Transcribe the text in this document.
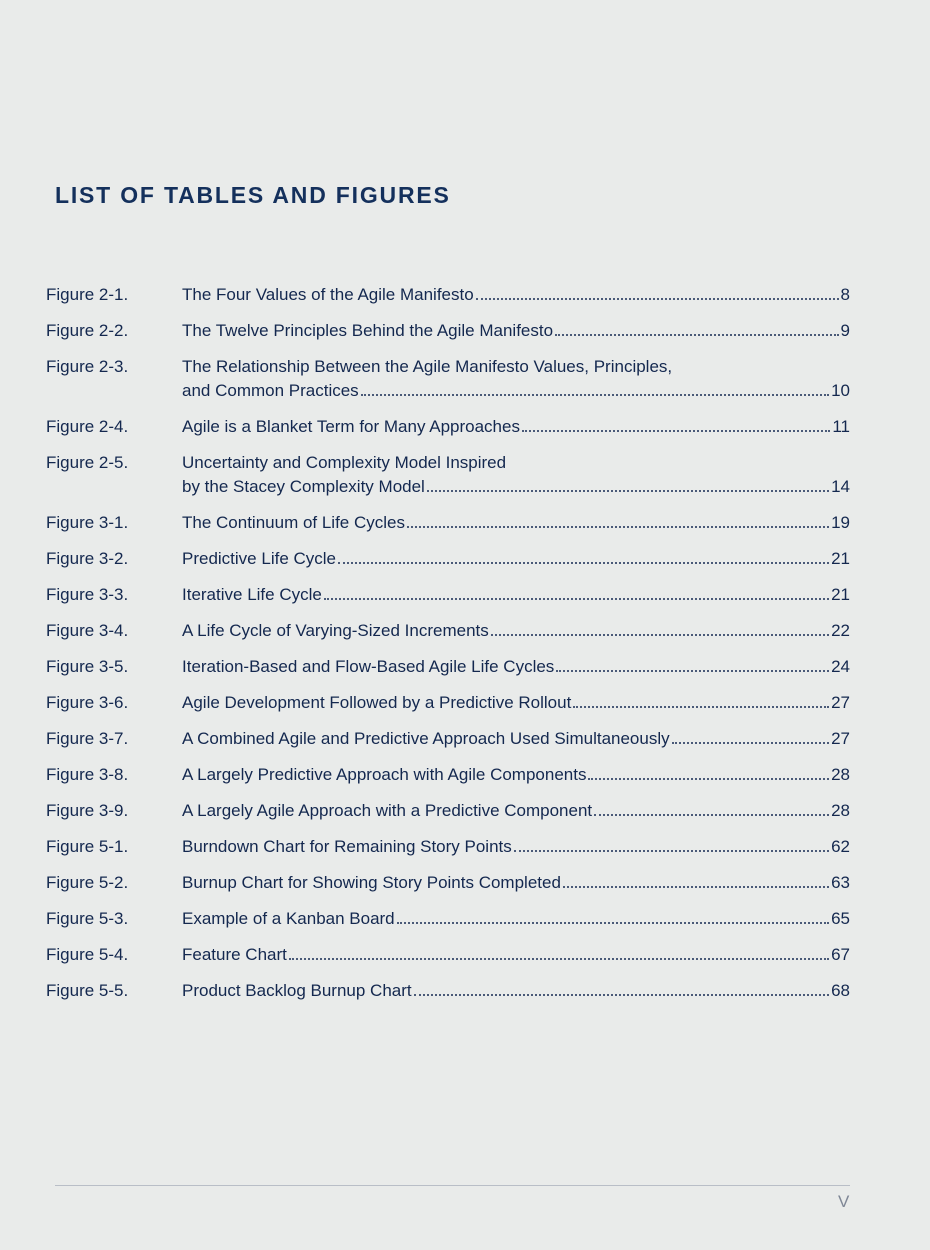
LIST OF TABLES AND FIGURES
Figure 2-1.	The Four Values of the Agile Manifesto	8
Figure 2-2.	The Twelve Principles Behind the Agile Manifesto	9
Figure 2-3.	The Relationship Between the Agile Manifesto Values, Principles,
and Common Practices	10
Figure 2-4.	Agile is a Blanket Term for Many Approaches	11
Figure 2-5.	Uncertainty and Complexity Model Inspired
by the Stacey Complexity Model	14
Figure 3-1.	The Continuum of Life Cycles	19
Figure 3-2.	Predictive Life Cycle	21
Figure 3-3.	Iterative Life Cycle	21
Figure 3-4.	A Life Cycle of Varying-Sized Increments	22
Figure 3-5.	Iteration-Based and Flow-Based Agile Life Cycles	24
Figure 3-6.	Agile Development Followed by a Predictive Rollout	27
Figure 3-7.	A Combined Agile and Predictive Approach Used Simultaneously	27
Figure 3-8.	A Largely Predictive Approach with Agile Components	28
Figure 3-9.	A Largely Agile Approach with a Predictive Component	28
Figure 5-1.	Burndown Chart for Remaining Story Points	62
Figure 5-2.	Burnup Chart for Showing Story Points Completed	63
Figure 5-3.	Example of a Kanban Board	65
Figure 5-4.	Feature Chart	67
Figure 5-5.	Product Backlog Burnup Chart	68
V
